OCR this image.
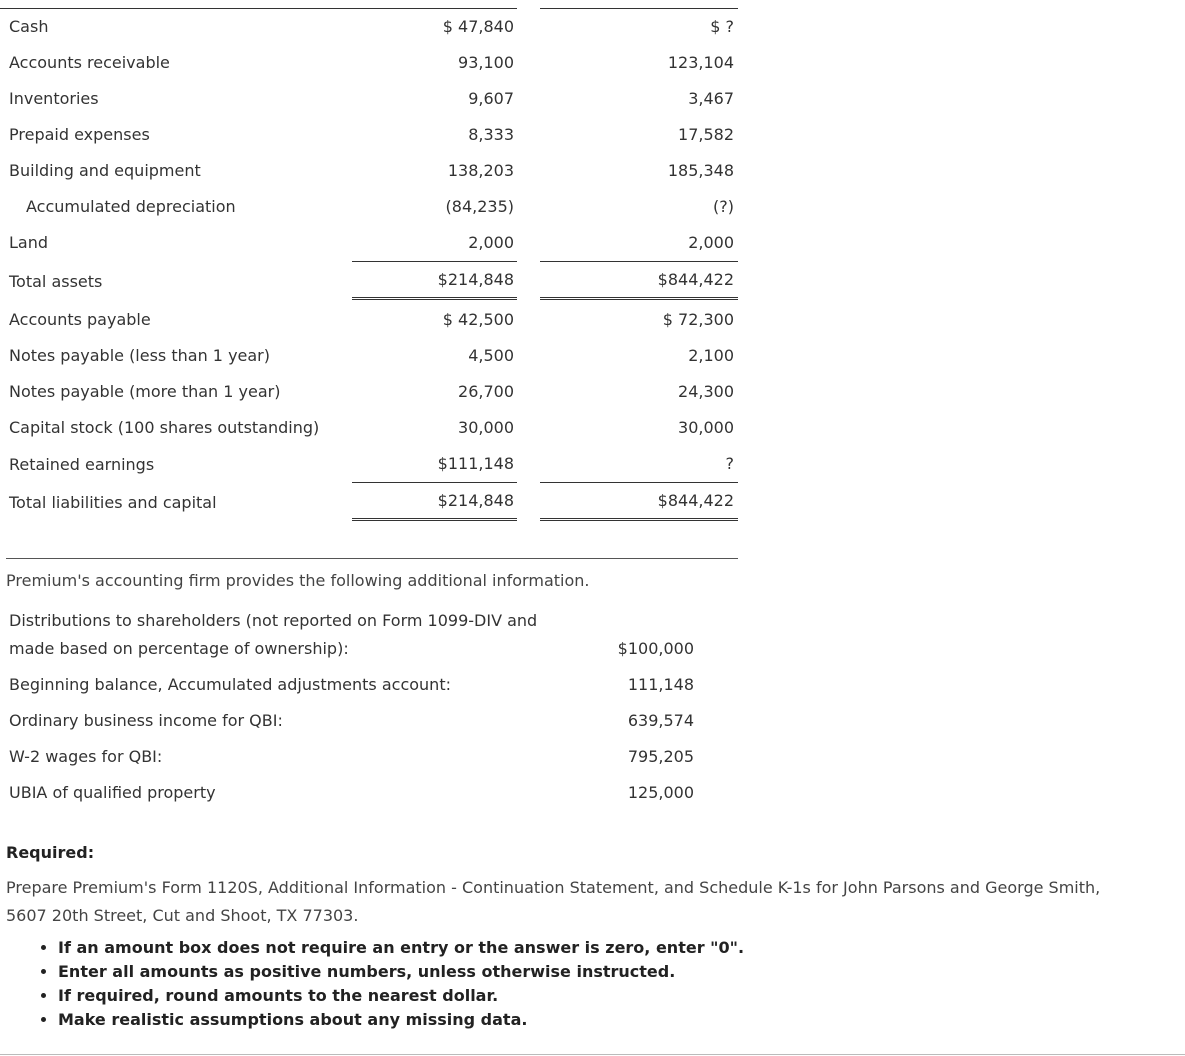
Cash	$ 47,840	$ ?
Accounts receivable	93,100	123,104
Inventories	9,607	3,467
Prepaid expenses	8,333	17,582
Building and equipment	138,203	185,348
Accumulated depreciation	(84,235)	(?)
Land	2,000	2,000
Total assets	$214,848	$844,422
Accounts payable	$ 42,500	$ 72,300
Notes payable (less than 1 year)	4,500	2,100
Notes payable (more than 1 year)	26,700	24,300
Capital stock (100 shares outstanding)	30,000	30,000
Retained earnings	$111,148	?
Total liabilities and capital	$214,848	$844,422
Premium's accounting firm provides the following additional information.
Distributions to shareholders (not reported on Form 1099-DIV and
made based on percentage of ownership):	$100,000
Beginning balance, Accumulated adjustments account:	111,148
Ordinary business income for QBI:	639,574
W-2 wages for QBI:	795,205
UBIA of qualified property	125,000
Required:
Prepare Premium's Form 1120S, Additional Information - Continuation Statement, and Schedule K-1s for John Parsons and George Smith, 5607 20th Street, Cut and Shoot, TX 77303.
• If an amount box does not require an entry or the answer is zero, enter "0".
• Enter all amounts as positive numbers, unless otherwise instructed.
• If required, round amounts to the nearest dollar.
• Make realistic assumptions about any missing data.
